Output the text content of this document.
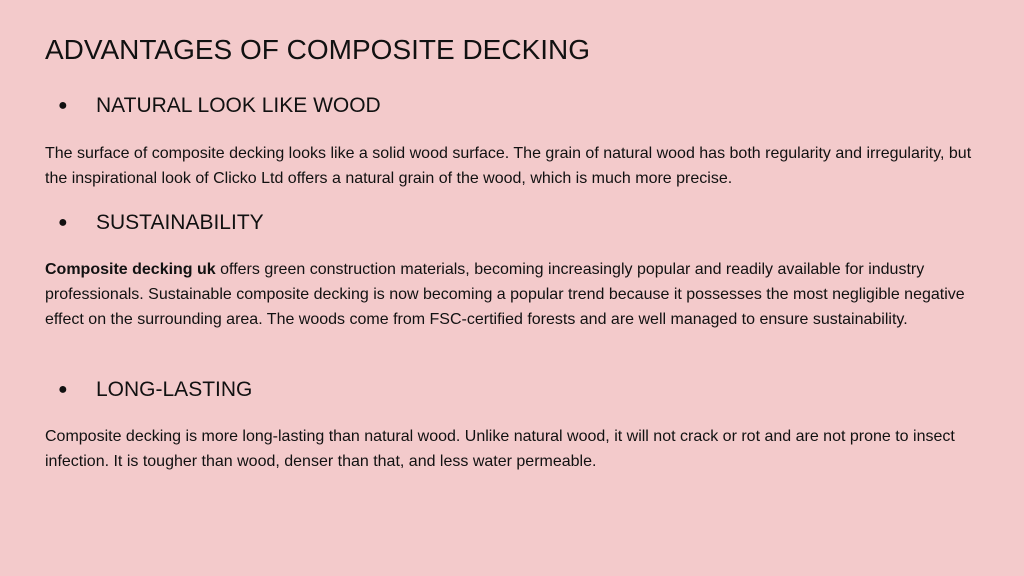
ADVANTAGES OF COMPOSITE DECKING
●	NATURAL LOOK LIKE WOOD

The surface of composite decking looks like a solid wood surface. The grain of natural wood has both regularity and irregularity, but the inspirational look of Clicko Ltd offers a natural grain of the wood, which is much more precise.

●	SUSTAINABILITY

Composite decking uk offers green construction materials, becoming increasingly popular and readily available for industry professionals. Sustainable composite decking is now becoming a popular trend because it possesses the most negligible negative effect on the surrounding area. The woods come from FSC-certified forests and are well managed to ensure sustainability.

●	LONG-LASTING

Composite decking is more long-lasting than natural wood. Unlike natural wood, it will not crack or rot and are not prone to insect infection. It is tougher than wood, denser than that, and less water permeable.
